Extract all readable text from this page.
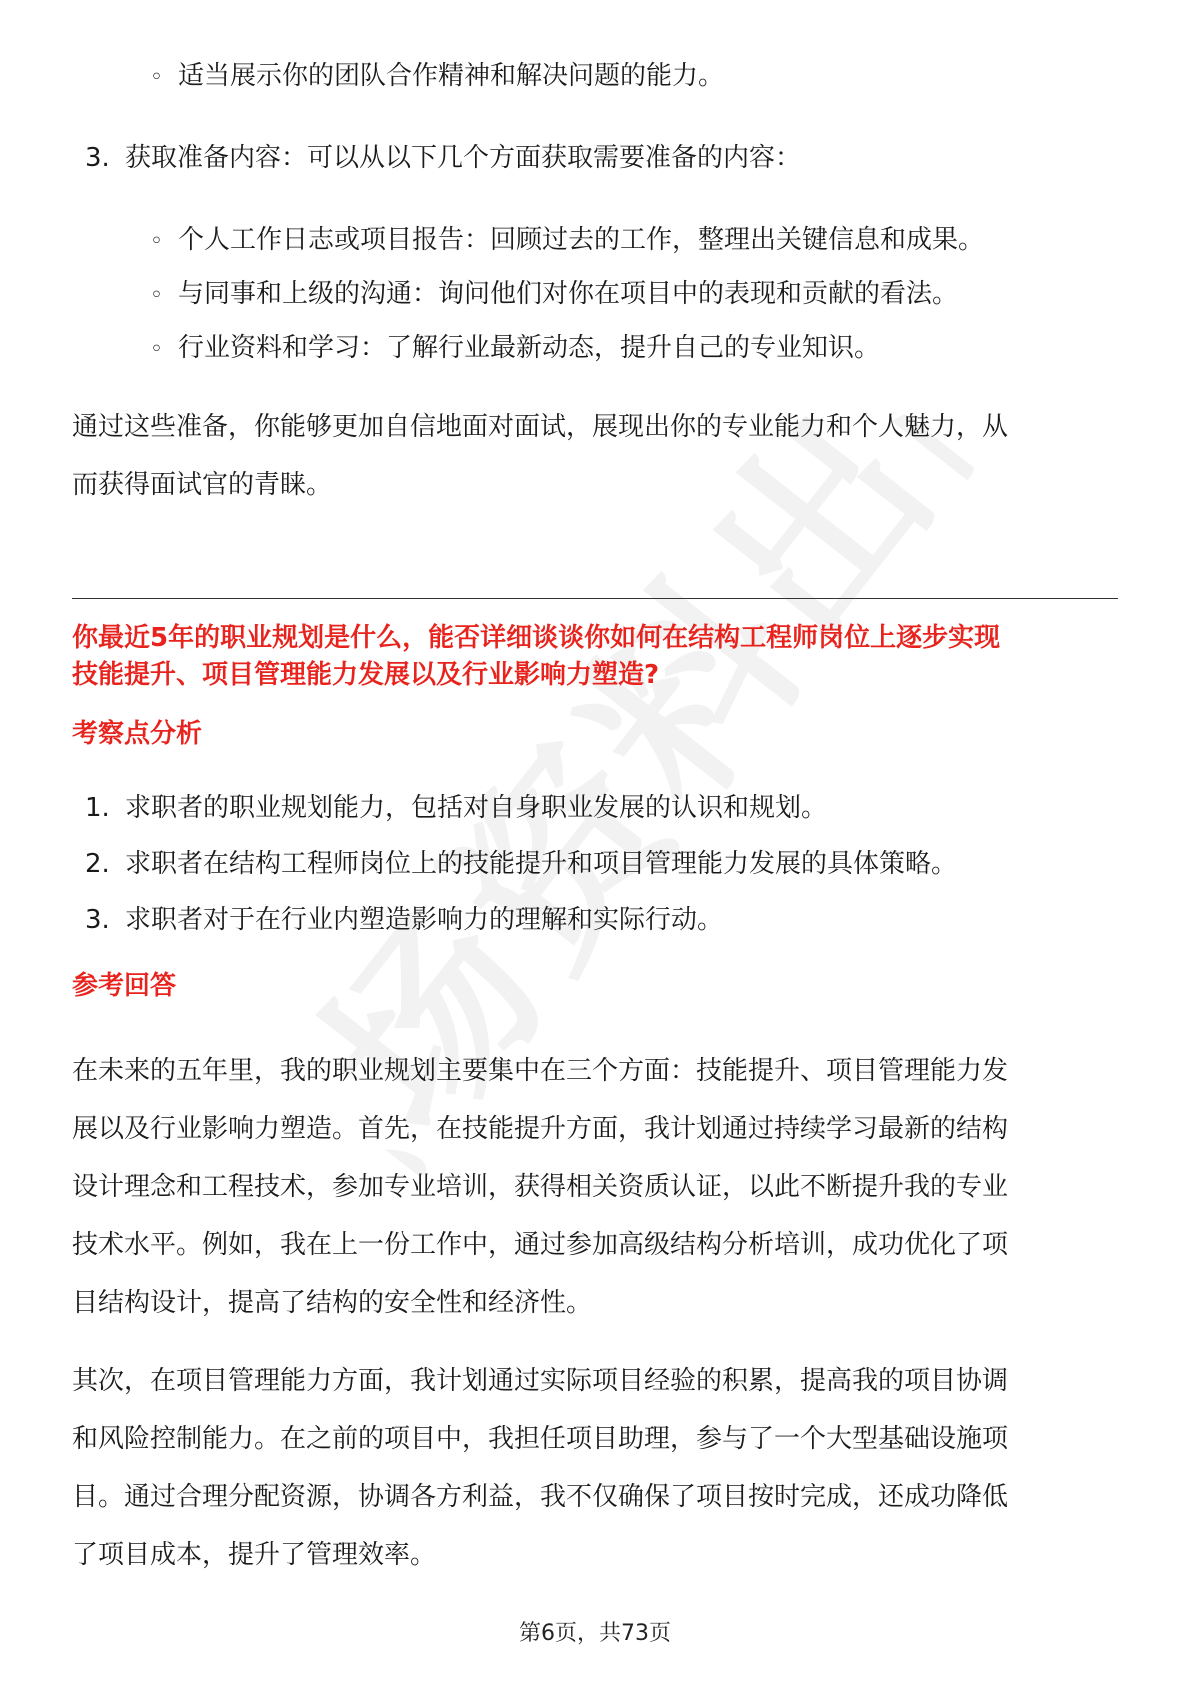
◦ 适当展示你的团队合作精神和解决问题的能力。
3. 获取准备内容：可以从以下几个方面获取需要准备的内容：
◦ 个人工作日志或项目报告：回顾过去的工作，整理出关键信息和成果。
◦ 与同事和上级的沟通：询问他们对你在项目中的表现和贡献的看法。
◦ 行业资料和学习：了解行业最新动态，提升自己的专业知识。
通过这些准备，你能够更加自信地面对面试，展现出你的专业能力和个人魅力，从
而获得面试官的青睐。
你最近5年的职业规划是什么，能否详细谈谈你如何在结构工程师岗位上逐步实现
技能提升、项目管理能力发展以及行业影响力塑造?
考察点分析
1. 求职者的职业规划能力，包括对自身职业发展的认识和规划。
2. 求职者在结构工程师岗位上的技能提升和项目管理能力发展的具体策略。
3. 求职者对于在行业内塑造影响力的理解和实际行动。
参考回答
在未来的五年里，我的职业规划主要集中在三个方面：技能提升、项目管理能力发
展以及行业影响力塑造。首先，在技能提升方面，我计划通过持续学习最新的结构
设计理念和工程技术，参加专业培训，获得相关资质认证，以此不断提升我的专业
技术水平。例如，我在上一份工作中，通过参加高级结构分析培训，成功优化了项
目结构设计，提高了结构的安全性和经济性。
其次，在项目管理能力方面，我计划通过实际项目经验的积累，提高我的项目协调
和风险控制能力。在之前的项目中，我担任项目助理，参与了一个大型基础设施项
目。通过合理分配资源，协调各方利益，我不仅确保了项目按时完成，还成功降低
了项目成本，提升了管理效率。
第6页，共73页
